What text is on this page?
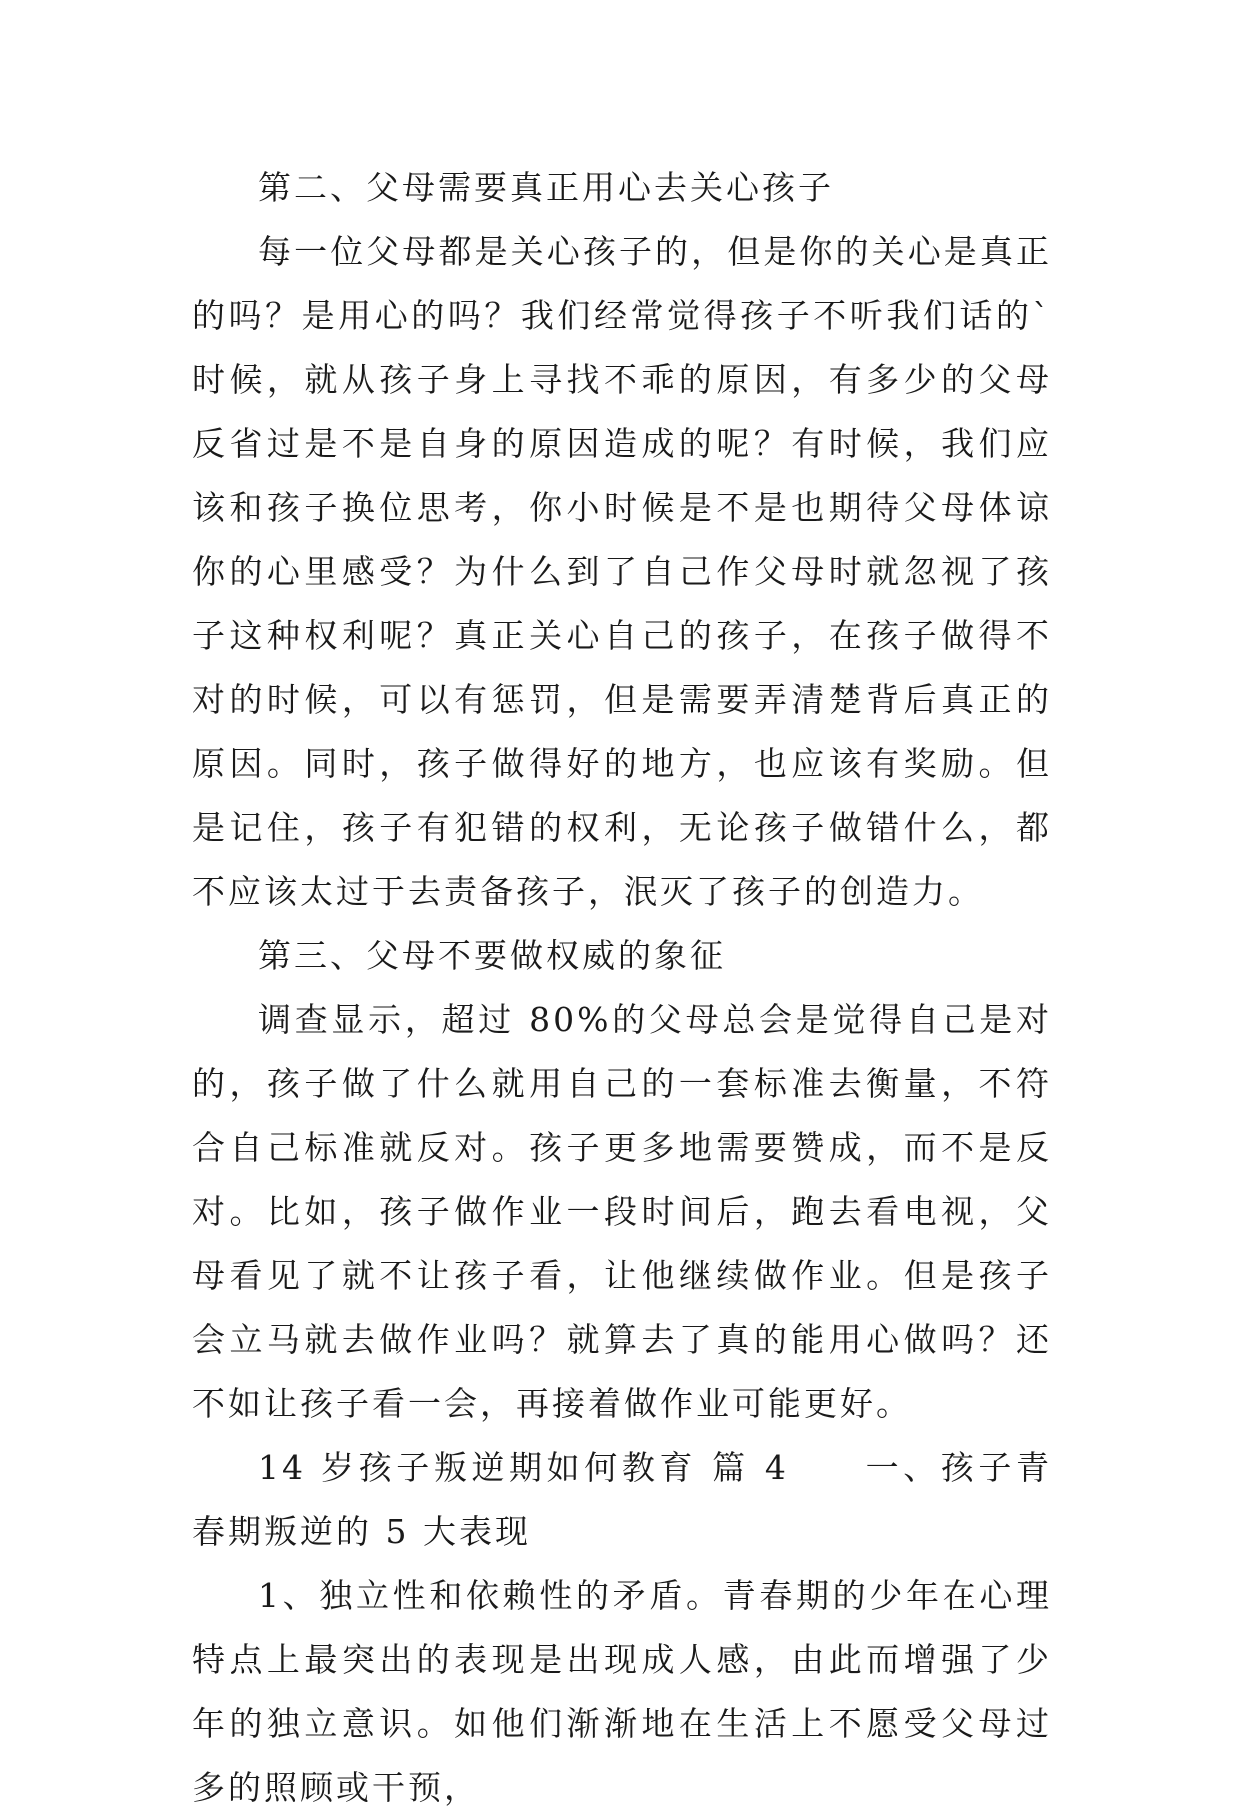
第二、父母需要真正用心去关心孩子

每一位父母都是关心孩子的，但是你的关心是真正的吗？是用心的吗？我们经常觉得孩子不听我们话的`时候，就从孩子身上寻找不乖的原因，有多少的父母反省过是不是自身的原因造成的呢？有时候，我们应该和孩子换位思考，你小时候是不是也期待父母体谅你的心里感受？为什么到了自己作父母时就忽视了孩子这种权利呢？真正关心自己的孩子，在孩子做得不对的时候，可以有惩罚，但是需要弄清楚背后真正的原因。同时，孩子做得好的地方，也应该有奖励。但是记住，孩子有犯错的权利，无论孩子做错什么，都不应该太过于去责备孩子，泯灭了孩子的创造力。

第三、父母不要做权威的象征

调查显示，超过 80%的父母总会是觉得自己是对的，孩子做了什么就用自己的一套标准去衡量，不符合自己标准就反对。孩子更多地需要赞成，而不是反对。比如，孩子做作业一段时间后，跑去看电视，父母看见了就不让孩子看，让他继续做作业。但是孩子会立马就去做作业吗？就算去了真的能用心做吗？还不如让孩子看一会，再接着做作业可能更好。

14 岁孩子叛逆期如何教育 篇 4　　一、孩子青春期叛逆的 5 大表现

1、独立性和依赖性的矛盾。青春期的少年在心理特点上最突出的表现是出现成人感，由此而增强了少年的独立意识。如他们渐渐地在生活上不愿受父母过多的照顾或干预，
